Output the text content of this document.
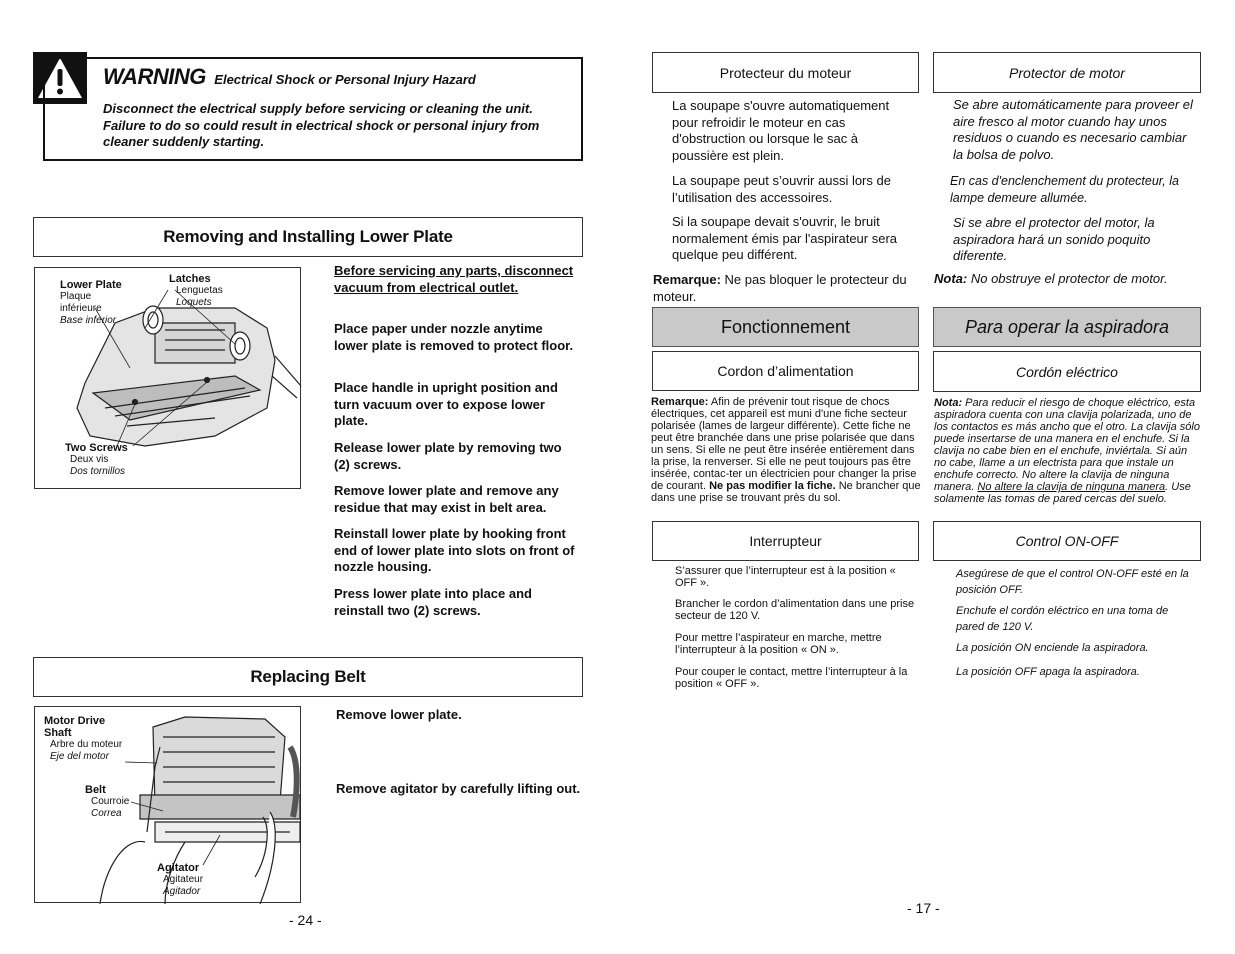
WARNING Electrical Shock or Personal Injury Hazard
Disconnect the electrical supply before servicing or cleaning the unit. Failure to do so could result in electrical shock or personal injury from cleaner suddenly starting.
Removing and Installing Lower Plate
Lower Plate
Plaque
inférieure
Base inferior
Latches
Lenguetas
Loquets
Two Screws
Deux vis
Dos tornillos
Before servicing any parts, disconnect vacuum from electrical outlet.
Place paper under nozzle anytime lower plate is removed to protect floor.
Place handle in upright position and turn vacuum over to expose lower plate.
Release lower plate by removing two (2) screws.
Remove lower plate and remove any residue that may exist in belt area.
Reinstall lower plate by hooking front end of lower plate into slots on front of nozzle housing.
Press lower plate into place and reinstall two (2) screws.
Replacing Belt
Motor Drive
Shaft
Arbre du moteur
Eje del motor
Belt
Courroie
Correa
Agitator
Agitateur
Agitador
Remove lower plate.
Remove agitator by carefully lifting out.
- 24 -
Protecteur du moteur
La soupape s'ouvre automatiquement pour refroidir le moteur en cas d'obstruction ou lorsque le sac à poussière est plein.
La soupape peut s’ouvrir aussi lors de l’utilisation des accessoires.
Si la soupape devait s'ouvrir, le bruit normalement émis par l'aspirateur sera quelque peu différent.
Remarque: Ne pas bloquer le protecteur du moteur.
Fonctionnement
Cordon d’alimentation
Remarque: Afin de prévenir tout risque de chocs électriques, cet appareil est muni d'une fiche secteur polarisée (lames de largeur différente). Cette fiche ne peut être branchée dans une prise polarisée que dans un sens. Si elle ne peut être insérée entièrement dans la prise, la renverser. Si elle ne peut toujours pas être insérée, contac-ter un électricien pour changer la prise de courant. Ne pas modifier la fiche. Ne brancher que dans une prise se trouvant près du sol.
Interrupteur
S’assurer que l’interrupteur est à la position « OFF ».
Brancher le cordon d’alimentation dans une prise secteur de 120 V.
Pour mettre l’aspirateur en marche, mettre l’interrupteur à la position « ON ».
Pour couper le contact, mettre l’interrupteur à la position « OFF ».
Protector de motor
Se abre automáticamente para proveer el aire fresco al motor cuando hay unos residuos o cuando es necesario cambiar la bolsa de polvo.
En cas d'enclenchement du protecteur, la lampe demeure allumée.
Si se abre el protector del motor, la aspiradora hará un sonido poquito diferente.
Nota: No obstruye el protector de motor.
Para operar la aspiradora
Cordón eléctrico
Nota: Para reducir el riesgo de choque eléctrico, esta aspiradora cuenta con una clavija polarizada, uno de los contactos es más ancho que el otro. La clavija sólo puede insertarse de una manera en el enchufe. Si la clavija no cabe bien en el enchufe, inviértala. Si aún no cabe, llame a un electrista para que instale un enchufe correcto. No altere la clavija de ninguna manera. No altere la clavija de ninguna manera. Use solamente las tomas de pared cercas del suelo.
Control ON-OFF
Asegúrese de que el control ON-OFF esté en la posición OFF.
Enchufe el cordón eléctrico en una toma de pared de 120 V.
La posición ON enciende la aspiradora.
La posición OFF apaga la aspiradora.
- 17 -
